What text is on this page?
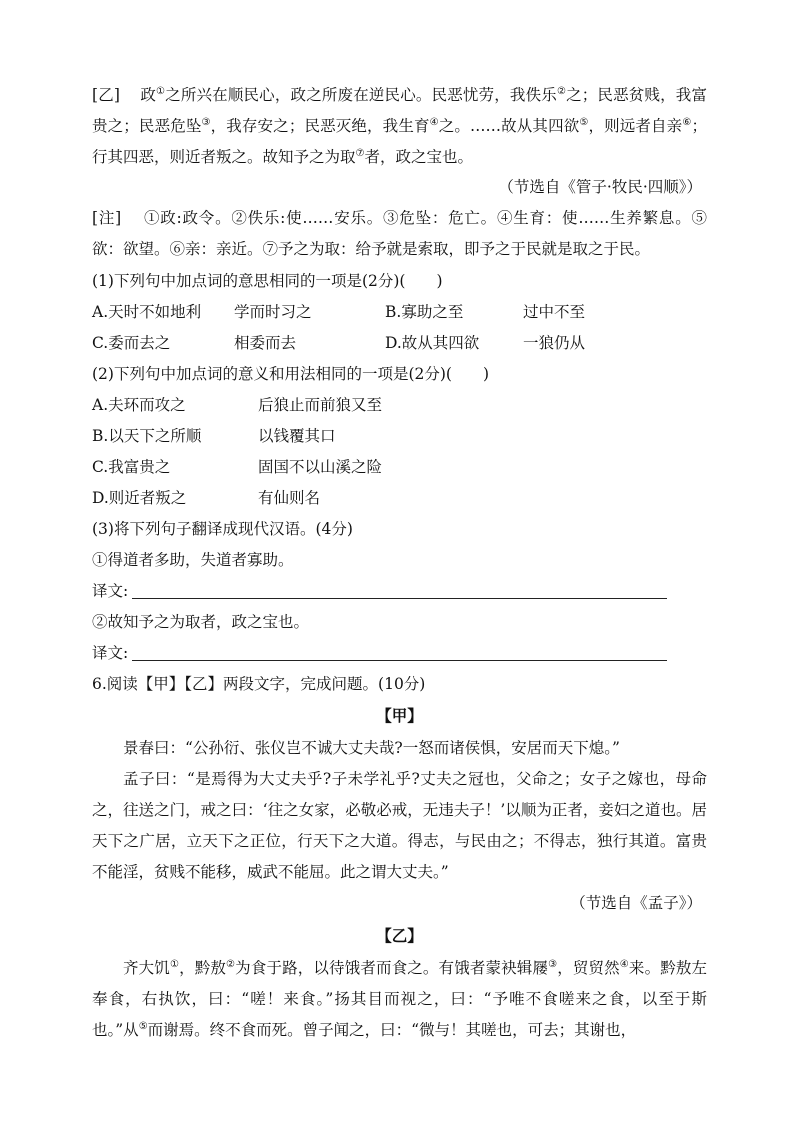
[乙] 政①之所兴在顺民心，政之所废在逆民心。民恶忧劳，我佚乐②之；民恶贫贱，我富贵之；民恶危坠③，我存安之；民恶灭绝，我生育④之。……故从其四欲⑤，则远者自亲⑥；行其四恶，则近者叛之。故知予之为取⑦者，政之宝也。
（节选自《管子·牧民·四顺》）
[注] ①政:政令。②佚乐:使……安乐。③危坠：危亡。④生育：使……生养繁息。⑤欲：欲望。⑥亲：亲近。⑦予之为取：给予就是索取，即予之于民就是取之于民。
(1)下列句中加点词的意思相同的一项是(2分)(　　)
A.天时不如地利 学而时习之	B.寡助之至	过中不至
C.委而去之	相委而去	D.故从其四欲	一狼仍从
(2)下列句中加点词的意义和用法相同的一项是(2分)(　　)
A.夫环而攻之	后狼止而前狼又至
B.以天下之所顺	以钱覆其口
C.我富贵之	固国不以山溪之险
D.则近者叛之	有仙则名
(3)将下列句子翻译成现代汉语。(4分)
①得道者多助，失道者寡助。
译文:
②故知予之为取者，政之宝也。
译文:
6.阅读【甲】【乙】两段文字，完成问题。(10分)
【甲】
景春曰：“公孙衍、张仪岂不诚大丈夫哉?一怒而诸侯惧，安居而天下熄。”
孟子曰：“是焉得为大丈夫乎?子未学礼乎?丈夫之冠也，父命之；女子之嫁也，母命之，往送之门，戒之曰：‘往之女家，必敬必戒，无违夫子！’以顺为正者，妾妇之道也。居天下之广居，立天下之正位，行天下之大道。得志，与民由之；不得志，独行其道。富贵不能淫，贫贱不能移，威武不能屈。此之谓大丈夫。”
（节选自《孟子》）
【乙】
齐大饥①，黔敖②为食于路，以待饿者而食之。有饿者蒙袂辑屦③，贸贸然④来。黔敖左奉食，右执饮，曰：“嗟！来食。”扬其目而视之，曰：“予唯不食嗟来之食，以至于斯也。”从⑤而谢焉。终不食而死。曾子闻之，曰：“微与！其嗟也，可去；其谢也，
